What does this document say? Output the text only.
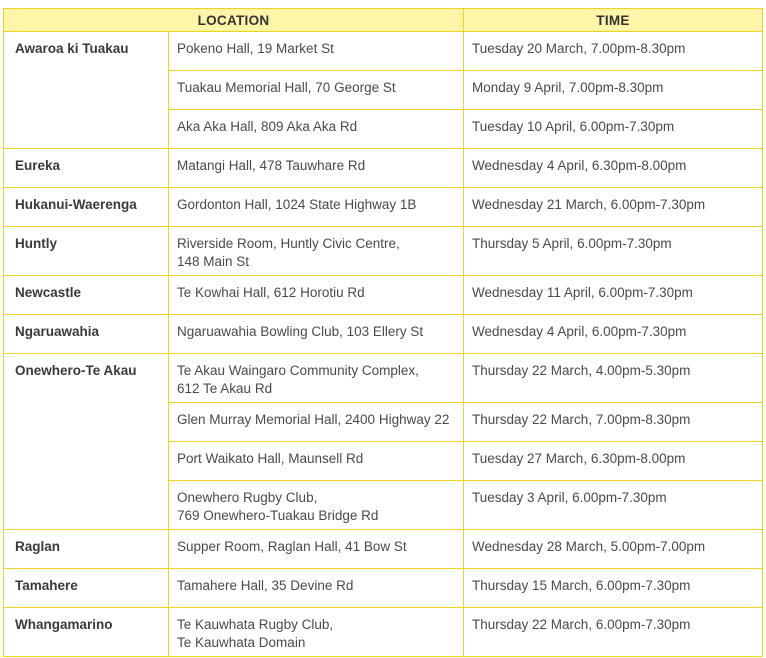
LOCATION		TIME
Awaroa ki Tuakau	Pokeno Hall, 19 Market St	Tuesday 20 March, 7.00pm-8.30pm

	Tuakau Memorial Hall, 70 George St	Monday 9 April, 7.00pm-8.30pm

	Aka Aka Hall, 809 Aka Aka Rd	Tuesday 10 April, 6.00pm-7.30pm
Eureka	Matangi Hall, 478 Tauwhare Rd	Wednesday 4 April, 6.30pm-8.00pm
Hukanui-Waerenga	Gordonton Hall, 1024 State Highway 1B	Wednesday 21 March, 6.00pm-7.30pm
Huntly	Riverside Room, Huntly Civic Centre,
148 Main St	Thursday 5 April, 6.00pm-7.30pm
Newcastle	Te Kowhai Hall, 612 Horotiu Rd	Wednesday 11 April, 6.00pm-7.30pm
Ngaruawahia	Ngaruawahia Bowling Club, 103 Ellery St	Wednesday 4 April, 6.00pm-7.30pm
Onewhero-Te Akau	Te Akau Waingaro Community Complex,
612 Te Akau Rd	Thursday 22 March, 4.00pm-5.30pm

	Glen Murray Memorial Hall, 2400 Highway 22	Thursday 22 March, 7.00pm-8.30pm

	Port Waikato Hall, Maunsell Rd	Tuesday 27 March, 6.30pm-8.00pm

	Onewhero Rugby Club,
769 Onewhero-Tuakau Bridge Rd	Tuesday 3 April, 6.00pm-7.30pm
Raglan	Supper Room, Raglan Hall, 41 Bow St	Wednesday 28 March, 5.00pm-7.00pm
Tamahere	Tamahere Hall, 35 Devine Rd	Thursday 15 March, 6.00pm-7.30pm
Whangamarino	Te Kauwhata Rugby Club,
Te Kauwhata Domain	Thursday 22 March, 6.00pm-7.30pm
